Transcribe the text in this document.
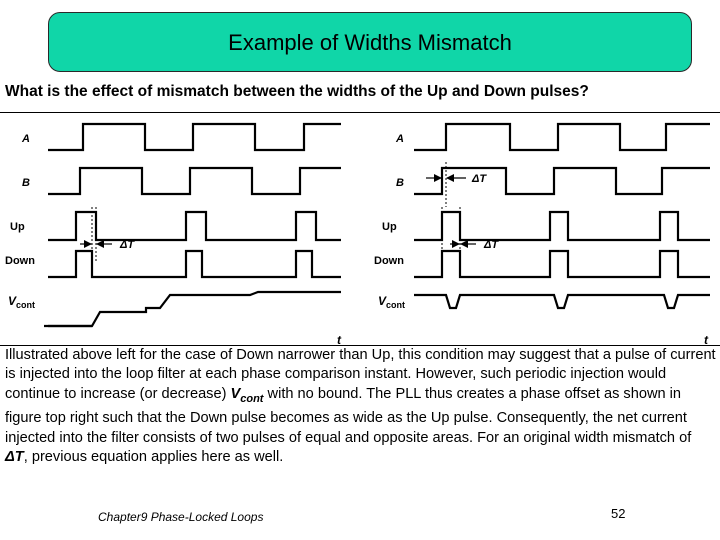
Example of Widths Mismatch
What is the effect of mismatch between the widths of the Up and Down pulses?
A
B
Up
Down
$V_{cont}$
ΔT
t
A
B
Up
Down
$V_{cont}$
ΔT
ΔT
t
Illustrated above left for the case of Down narrower than Up, this condition may suggest that a pulse of current is injected into the loop filter at each phase comparison instant. However, such periodic injection would continue to increase (or decrease) $V_{cont}$ with no bound. The PLL thus creates a phase offset as shown in figure top right such that the Down pulse becomes as wide as the Up pulse. Consequently, the net current injected into the filter consists of two pulses of equal and opposite areas. For an original width mismatch of ΔT, previous equation applies here as well.
Chapter9 Phase-Locked Loops	52
